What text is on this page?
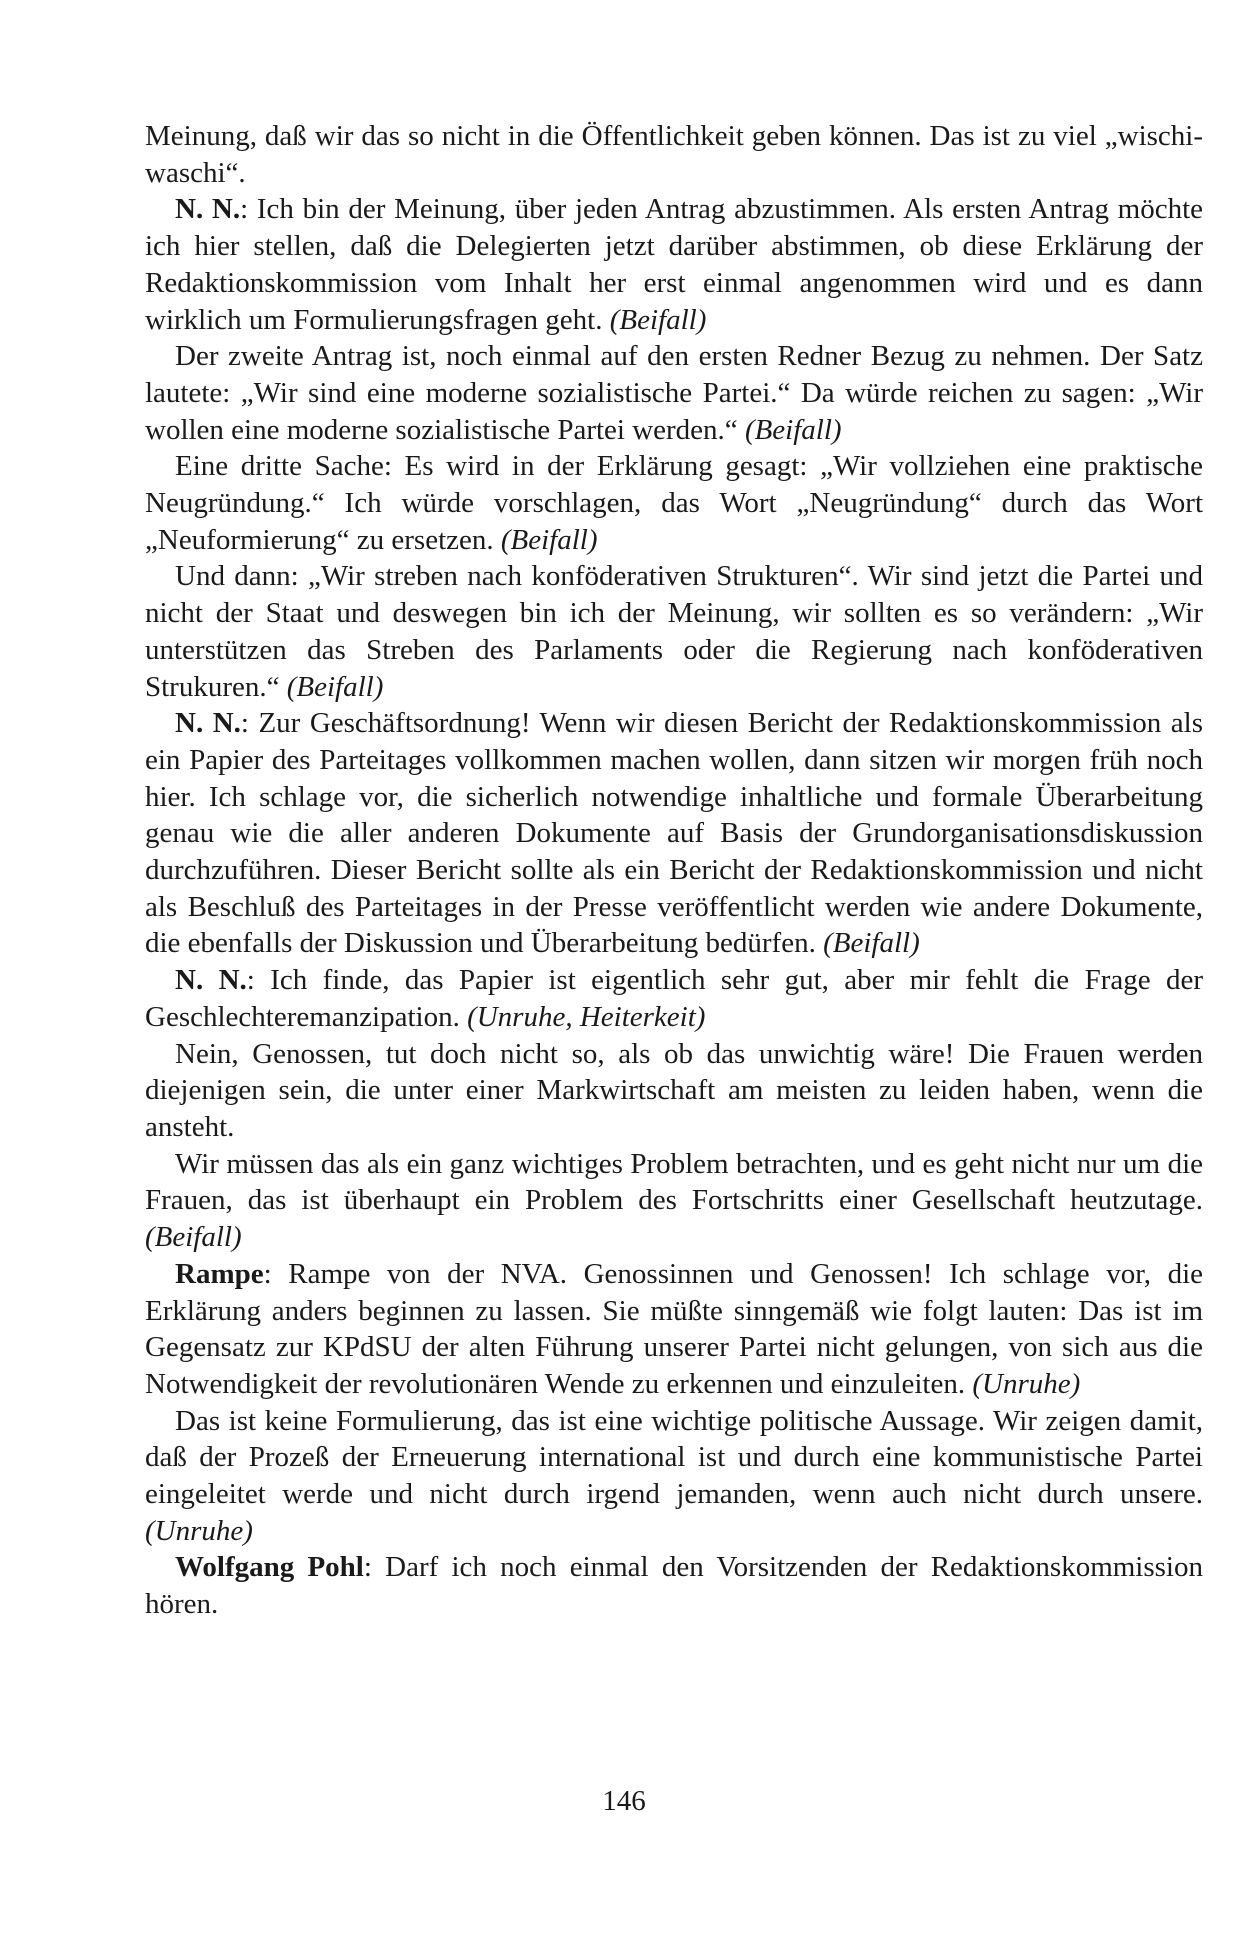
Meinung, daß wir das so nicht in die Öffentlichkeit geben können. Das ist zu viel „wischi-waschi“.

N. N.: Ich bin der Meinung, über jeden Antrag abzustimmen. Als ersten Antrag möchte ich hier stellen, daß die Delegierten jetzt darüber abstimmen, ob diese Erklärung der Redaktionskommission vom Inhalt her erst einmal angenommen wird und es dann wirklich um Formulierungsfragen geht. (Beifall)

Der zweite Antrag ist, noch einmal auf den ersten Redner Bezug zu nehmen. Der Satz lautete: „Wir sind eine moderne sozialistische Partei.“ Da würde reichen zu sagen: „Wir wollen eine moderne sozialistische Partei werden.“ (Beifall)

Eine dritte Sache: Es wird in der Erklärung gesagt: „Wir vollziehen eine praktische Neugründung.“ Ich würde vorschlagen, das Wort „Neugründung“ durch das Wort „Neuformierung“ zu ersetzen. (Beifall)

Und dann: „Wir streben nach konföderativen Strukturen“. Wir sind jetzt die Partei und nicht der Staat und deswegen bin ich der Meinung, wir sollten es so verändern: „Wir unterstützen das Streben des Parlaments oder die Regierung nach konföderativen Strukuren.“ (Beifall)

N. N.: Zur Geschäftsordnung! Wenn wir diesen Bericht der Redaktionskommission als ein Papier des Parteitages vollkommen machen wollen, dann sitzen wir morgen früh noch hier. Ich schlage vor, die sicherlich notwendige inhaltliche und formale Überarbeitung genau wie die aller anderen Dokumente auf Basis der Grundorganisationsdiskussion durchzuführen. Dieser Bericht sollte als ein Bericht der Redaktionskommission und nicht als Beschluß des Parteitages in der Presse veröffentlicht werden wie andere Dokumente, die ebenfalls der Diskussion und Überarbeitung bedürfen. (Beifall)

N. N.: Ich finde, das Papier ist eigentlich sehr gut, aber mir fehlt die Frage der Geschlechteremanzipation. (Unruhe, Heiterkeit)

Nein, Genossen, tut doch nicht so, als ob das unwichtig wäre! Die Frauen werden diejenigen sein, die unter einer Markwirtschaft am meisten zu leiden haben, wenn die ansteht.

Wir müssen das als ein ganz wichtiges Problem betrachten, und es geht nicht nur um die Frauen, das ist überhaupt ein Problem des Fortschritts einer Gesellschaft heutzutage. (Beifall)

Rampe: Rampe von der NVA. Genossinnen und Genossen! Ich schlage vor, die Erklärung anders beginnen zu lassen. Sie müßte sinngemäß wie folgt lauten: Das ist im Gegensatz zur KPdSU der alten Führung unserer Partei nicht gelungen, von sich aus die Notwendigkeit der revolutionären Wende zu erkennen und einzuleiten. (Unruhe)

Das ist keine Formulierung, das ist eine wichtige politische Aussage. Wir zeigen damit, daß der Prozeß der Erneuerung international ist und durch eine kommunistische Partei eingeleitet werde und nicht durch irgend jemanden, wenn auch nicht durch unsere. (Unruhe)

Wolfgang Pohl: Darf ich noch einmal den Vorsitzenden der Redaktionskommission hören.

146
